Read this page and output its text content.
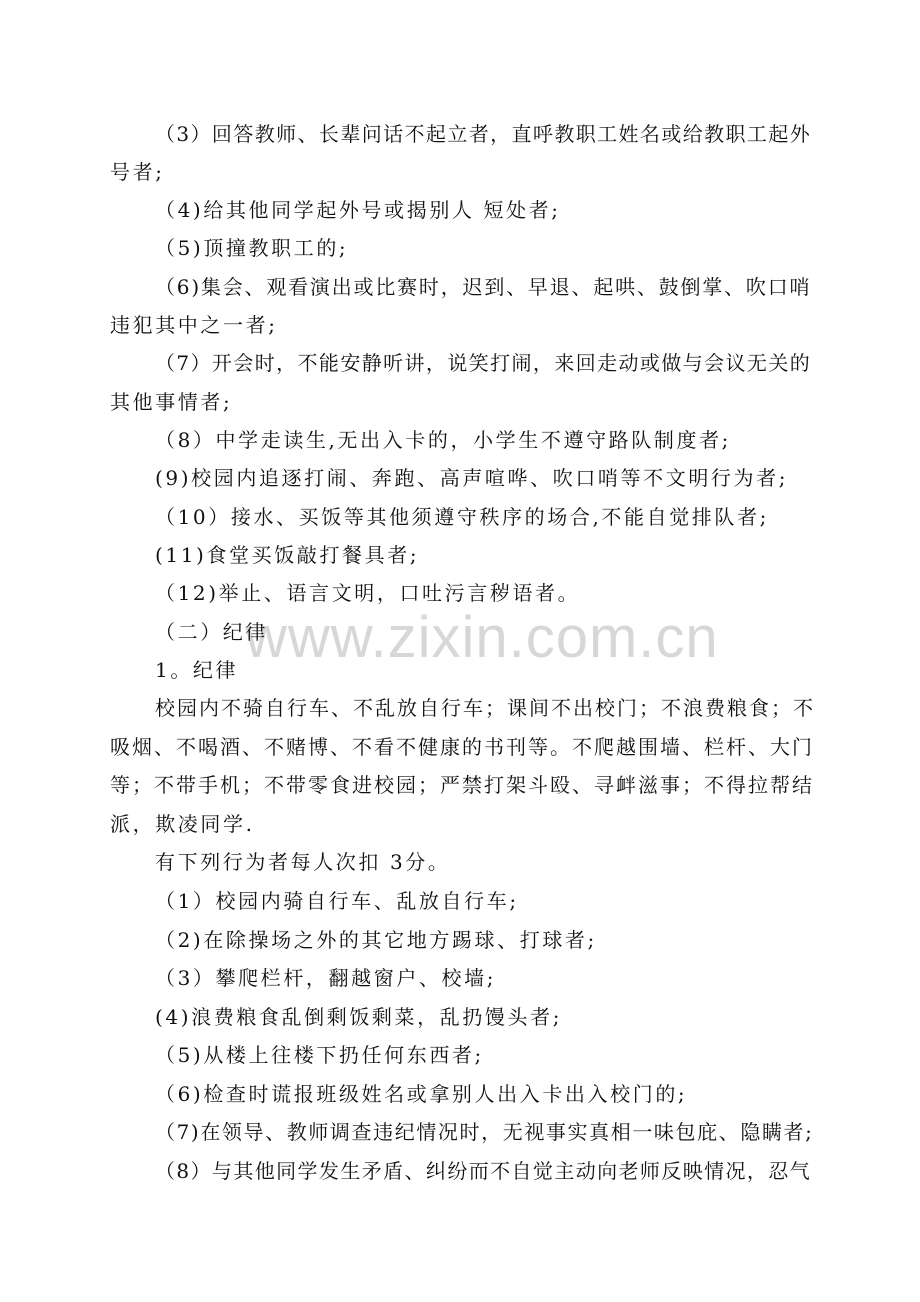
www.zixin.com.cn
（3）回答教师、长辈问话不起立者，直呼教职工姓名或给教职工起外
号者;
（4)给其他同学起外号或揭别人 短处者;
（5)顶撞教职工的;
（6)集会、观看演出或比赛时，迟到、早退、起哄、鼓倒掌、吹口哨
违犯其中之一者;
（7）开会时，不能安静听讲，说笑打闹，来回走动或做与会议无关的
其他事情者;
（8）中学走读生,无出入卡的，小学生不遵守路队制度者;
(9)校园内追逐打闹、奔跑、高声喧哗、吹口哨等不文明行为者;
（10）接水、买饭等其他须遵守秩序的场合,不能自觉排队者;
(11)食堂买饭敲打餐具者;
（12)举止、语言文明，口吐污言秽语者。
（二）纪律
1。纪律
校园内不骑自行车、不乱放自行车；课间不出校门；不浪费粮食；不
吸烟、不喝酒、不赌博、不看不健康的书刊等。不爬越围墙、栏杆、大门
等；不带手机；不带零食进校园；严禁打架斗殴、寻衅滋事；不得拉帮结
派，欺凌同学.
有下列行为者每人次扣 3分。
（1）校园内骑自行车、乱放自行车;
（2)在除操场之外的其它地方踢球、打球者;
（3）攀爬栏杆，翻越窗户、校墙;
(4)浪费粮食乱倒剩饭剩菜，乱扔馒头者;
（5)从楼上往楼下扔任何东西者;
（6)检查时谎报班级姓名或拿别人出入卡出入校门的;
（7)在领导、教师调查违纪情况时，无视事实真相一味包庇、隐瞒者;
（8）与其他同学发生矛盾、纠纷而不自觉主动向老师反映情况，忍气
